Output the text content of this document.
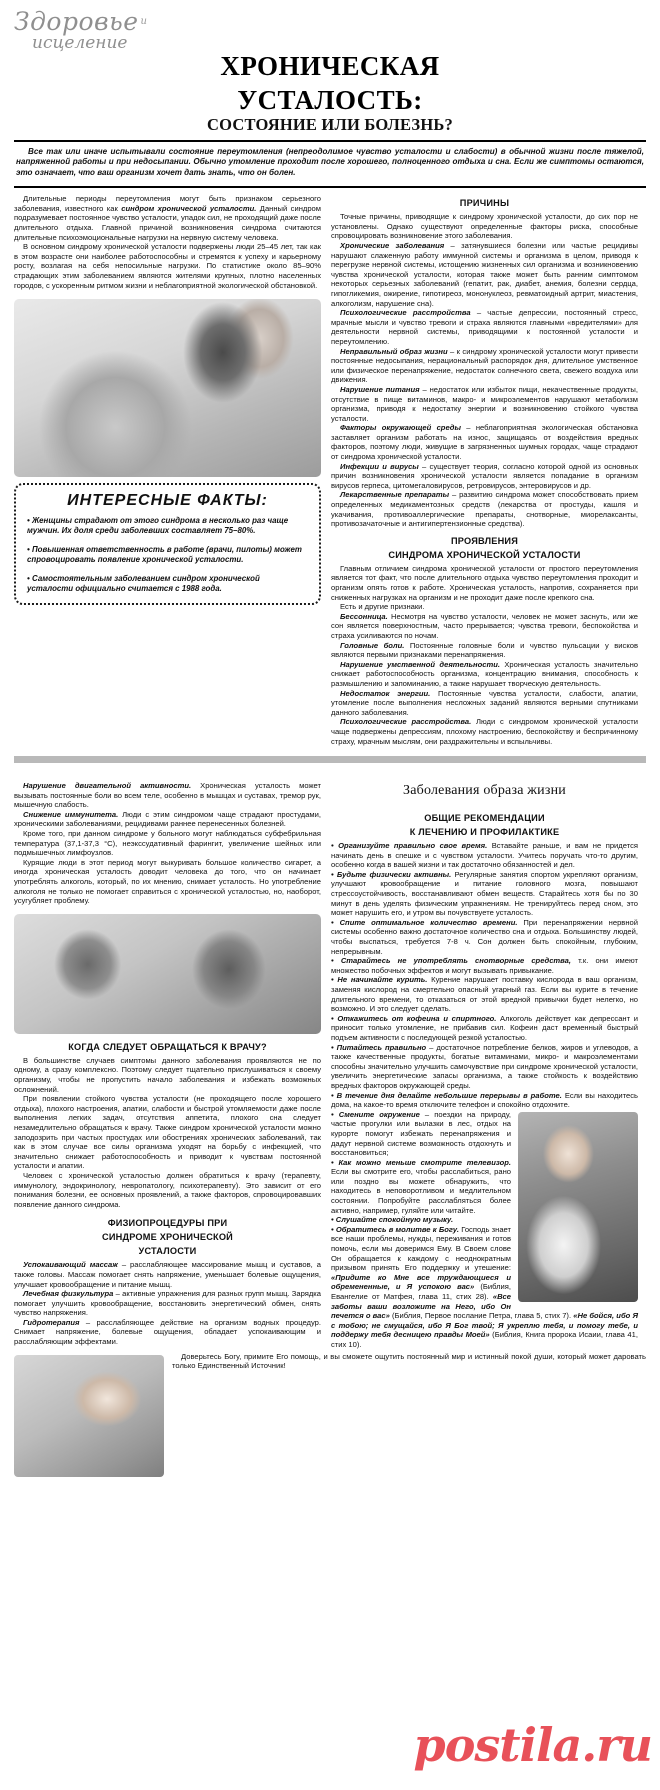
Здоровье $^и$
исцеление
ХРОНИЧЕСКАЯ
УСТАЛОСТЬ:
СОСТОЯНИЕ ИЛИ БОЛЕЗНЬ?

Все так или иначе испытывали состояние переутомления (непреодолимое чувство усталости и слабости) в обычной жизни после тяжелой, напряженной работы и при недосыпании. Обычно утомление проходит после хорошего, полноценного отдыха и сна. Если же симптомы остаются, это означает, что ваш организм хочет дать знать, что он болен.

Длительные периоды переутомления могут быть признаком серьезного заболевания, известного как синдром хронической усталости. Данный синдром подразумевает постоянное чувство усталости, упадок сил, не проходящий даже после длительного отдыха. Главной причиной возникновения синдрома считаются длительные психоэмоциональные нагрузки на нервную систему человека.

В основном синдрому хронической усталости подвержены люди 25–45 лет, так как в этом возрасте они наиболее работоспособны и стремятся к успеху и карьерному росту, возлагая на себя непосильные нагрузки. По статистике около 85–90% страдающих этим заболеванием являются жителями крупных, плотно населенных городов, с ускоренным ритмом жизни и неблагоприятной экологической обстановкой.

ИНТЕРЕСНЫЕ ФАКТЫ:

• Женщины страдают от этого синдрома в несколько раз чаще мужчин. Их доля среди заболевших составляет 75–80%.

• Повышенная ответственность в работе (врачи, пилоты) может спровоцировать появление хронической усталости.

• Самостоятельным заболеванием синдром хронической усталости официально считается с 1988 года.

ПРИЧИНЫ

Точные причины, приводящие к синдрому хронической усталости, до сих пор не установлены. Однако существуют определенные факторы риска, способные спровоцировать возникновение этого заболевания.

Хронические заболевания – затянувшиеся болезни или частые рецидивы нарушают слаженную работу иммунной системы и организма в целом, приводя к перегрузке нервной системы, истощению жизненных сил организма и возникновению чувства хронической усталости, которая также может быть ранним симптомом некоторых серьезных заболеваний (гепатит, рак, диабет, анемия, болезни сердца, гипогликемия, ожирение, гипотиреоз, мононуклеоз, ревматоидный артрит, миастения, алкоголизм, нарушение сна).

Психологические расстройства – частые депрессии, постоянный стресс, мрачные мысли и чувство тревоги и страха являются главными «вредителями» для деятельности нервной системы, приводящими к постоянной усталости и переутомлению.

Неправильный образ жизни – к синдрому хронической усталости могут привести постоянные недосыпания, нерациональный распорядок дня, длительное умственное или физическое перенапряжение, недостаток солнечного света, свежего воздуха или движения.

Нарушение питания – недостаток или избыток пищи, некачественные продукты, отсутствие в пище витаминов, макро- и микроэлементов нарушают метаболизм организма, приводя к недостатку энергии и возникновению стойкого чувства усталости.

Факторы окружающей среды – неблагоприятная экологическая обстановка заставляет организм работать на износ, защищаясь от воздействия вредных факторов, поэтому люди, живущие в загрязненных шумных городах, чаще страдают от синдрома хронической усталости.

Инфекции и вирусы – существует теория, согласно которой одной из основных причин возникновения хронической усталости является попадание в организм вирусов герпеса, цитомегаловирусов, ретровирусов, энтеровирусов и др.

Лекарственные препараты – развитию синдрома может способствовать прием определенных медикаментозных средств (лекарства от простуды, кашля и укачивания, противоаллергические препараты, снотворные, миорелаксанты, противозачаточные и антигипертензионные средства).

ПРОЯВЛЕНИЯ
СИНДРОМА ХРОНИЧЕСКОЙ УСТАЛОСТИ

Главным отличием синдрома хронической усталости от простого переутомления является тот факт, что после длительного отдыха чувство переутомления проходит и организм опять готов к работе. Хроническая усталость, напротив, сохраняется при сниженных нагрузках на организм и не проходит даже после крепкого сна.

Есть и другие признаки.

Бессонница. Несмотря на чувство усталости, человек не может заснуть, или же сон является поверхностным, часто прерывается; чувства тревоги, беспокойства и страха усиливаются по ночам.

Головные боли. Постоянные головные боли и чувство пульсации у висков являются первыми признаками перенапряжения.

Нарушение умственной деятельности. Хроническая усталость значительно снижает работоспособность организма, концентрацию внимания, способность к размышлению и запоминанию, а также нарушает творческую деятельность.

Недостаток энергии. Постоянные чувства усталости, слабости, апатии, утомление после выполнения несложных заданий являются верными спутниками данного заболевания.

Психологические расстройства. Люди с синдромом хронической усталости чаще подвержены депрессиям, плохому настроению, беспокойству и беспричинному страху, мрачным мыслям, они раздражительны и вспыльчивы.

Нарушение двигательной активности. Хроническая усталость может вызывать постоянные боли во всем теле, особенно в мышцах и суставах, тремор рук, мышечную слабость.

Снижение иммунитета. Люди с этим синдромом чаще страдают простудами, хроническими заболеваниями, рецидивами раннее перенесенных болезней.

Кроме того, при данном синдроме у больного могут наблюдаться субфебрильная температура (37,1-37,3 °С), неэкссудативный фарингит, увеличение шейных или подмышечных лимфоузлов.

Курящие люди в этот период могут выкуривать большое количество сигарет, а иногда хроническая усталость доводит человека до того, что он начинает употреблять алкоголь, который, по их мнению, снимает усталость. Но употребление алкоголя не только не помогает справиться с хронической усталостью, но, наоборот, усугубляет проблему.

КОГДА СЛЕДУЕТ ОБРАЩАТЬСЯ К ВРАЧУ?

В большинстве случаев симптомы данного заболевания проявляются не по одному, а сразу комплексно. Поэтому следует тщательно прислушиваться к своему организму, чтобы не пропустить начало заболевания и избежать возможных осложнений.

При появлении стойкого чувства усталости (не проходящего после хорошего отдыха), плохого настроения, апатии, слабости и быстрой утомляемости даже после выполнения легких задач, отсутствия аппетита, плохого сна следует незамедлительно обращаться к врачу. Также синдром хронической усталости можно заподозрить при частых простудах или обострениях хронических заболеваний, так как в этом случае все силы организма уходят на борьбу с инфекцией, что значительно снижает работоспособность и приводит к чувствам постоянной усталости и апатии.

Человек с хронической усталостью должен обратиться к врачу (терапевту, иммунологу, эндокринологу, невропатологу, психотерапевту). Это зависит от его понимания болезни, ее основных проявлений, а также факторов, спровоцировавших появление данного синдрома.

ФИЗИОПРОЦЕДУРЫ ПРИ
СИНДРОМЕ ХРОНИЧЕСКОЙ
УСТАЛОСТИ

Успокаивающий массаж – расслабляющее массирование мышц и суставов, а также головы. Массаж помогает снять напряжение, уменьшает болевые ощущения, улучшает кровообращение и питание мышц.

Лечебная физкультура – активные упражнения для разных групп мышц. Зарядка помогает улучшить кровообращение, восстановить энергетический обмен, снять чувство напряжения.

Гидротерапия – расслабляющее действие на организм водных процедур. Снимает напряжение, болевые ощущения, обладает успокаивающим и расслабляющим эффектами.

Заболевания образа жизни
ОБЩИЕ РЕКОМЕНДАЦИИ
К ЛЕЧЕНИЮ И ПРОФИЛАКТИКЕ

• Организуйте правильно свое время. Вставайте раньше, и вам не придется начинать день в спешке и с чувством усталости. Учитесь поручать что-то другим, особенно когда в вашей жизни и так достаточно обязанностей и дел.

• Будьте физически активны. Регулярные занятия спортом укрепляют организм, улучшают кровообращение и питание головного мозга, повышают стрессоустойчивость, восстанавливают обмен веществ. Старайтесь хотя бы по 30 минут в день уделять физическим упражнениям. Не тренируйтесь перед сном, это может нарушить его, и утром вы почувствуете усталость.

• Спите оптимальное количество времени. При перенапряжении нервной системы особенно важно достаточное количество сна и отдыха. Большинству людей, чтобы выспаться, требуется 7-8 ч. Сон должен быть спокойным, глубоким, непрерывным.

• Старайтесь не употреблять снотворные средства, т.к. они имеют множество побочных эффектов и могут вызывать привыкание.

• Не начинайте курить. Курение нарушает поставку кислорода в ваш организм, заменяя кислород на смертельно опасный угарный газ. Если вы курите в течение длительного времени, то отказаться от этой вредной привычки будет нелегко, но возможно. И это следует сделать.

• Откажитесь от кофеина и спиртного. Алкоголь действует как депрессант и приносит только утомление, не прибавив сил. Кофеин даст временный быстрый подъем активности с последующей резкой усталостью.

• Питайтесь правильно – достаточное потребление белков, жиров и углеводов, а также качественные продукты, богатые витаминами, микро- и макроэлементами способны значительно улучшить самочувствие при синдроме хронической усталости, увеличить энергетические запасы организма, а также стойкость к воздействию вредных факторов окружающей среды.

• В течение дня делайте небольшие перерывы в работе. Если вы находитесь дома, на какое-то время отключите телефон и спокойно отдохните.

• Смените окружение – поездки на природу, частые прогулки или вылазки в лес, отдых на курорте помогут избежать перенапряжения и дадут нервной системе возможность отдохнуть и восстановиться;

• Как можно меньше смотрите телевизор. Если вы смотрите его, чтобы расслабиться, рано или поздно вы можете обнаружить, что находитесь в неповоротливом и медлительном состоянии. Попробуйте расслабляться более активно, например, гуляйте или читайте.

• Слушайте спокойную музыку.

• Обратитесь в молитве к Богу. Господь знает все наши проблемы, нужды, переживания и готов помочь, если мы доверимся Ему. В Своем слове Он обращается к каждому с неоднократным призывом принять Его поддержку и утешение: «Придите ко Мне все труждающиеся и обремененные, и Я успокою вас» (Библия, Евангелие от Матфея, глава 11, стих 28). «Все заботы ваши возложите на Него, ибо Он печется о вас» (Библия, Первое послание Петра, глава 5, стих 7). «Не бойся, ибо Я с тобою; не смущайся, ибо Я Бог твой; Я укреплю тебя, и помогу тебе, и поддержу тебя десницею правды Моей» (Библия, Книга пророка Исаии, глава 41, стих 10).

Доверьтесь Богу, примите Его помощь, и вы сможете ощутить постоянный мир и истинный покой души, который может даровать только Единственный Источник!

postila.ru
